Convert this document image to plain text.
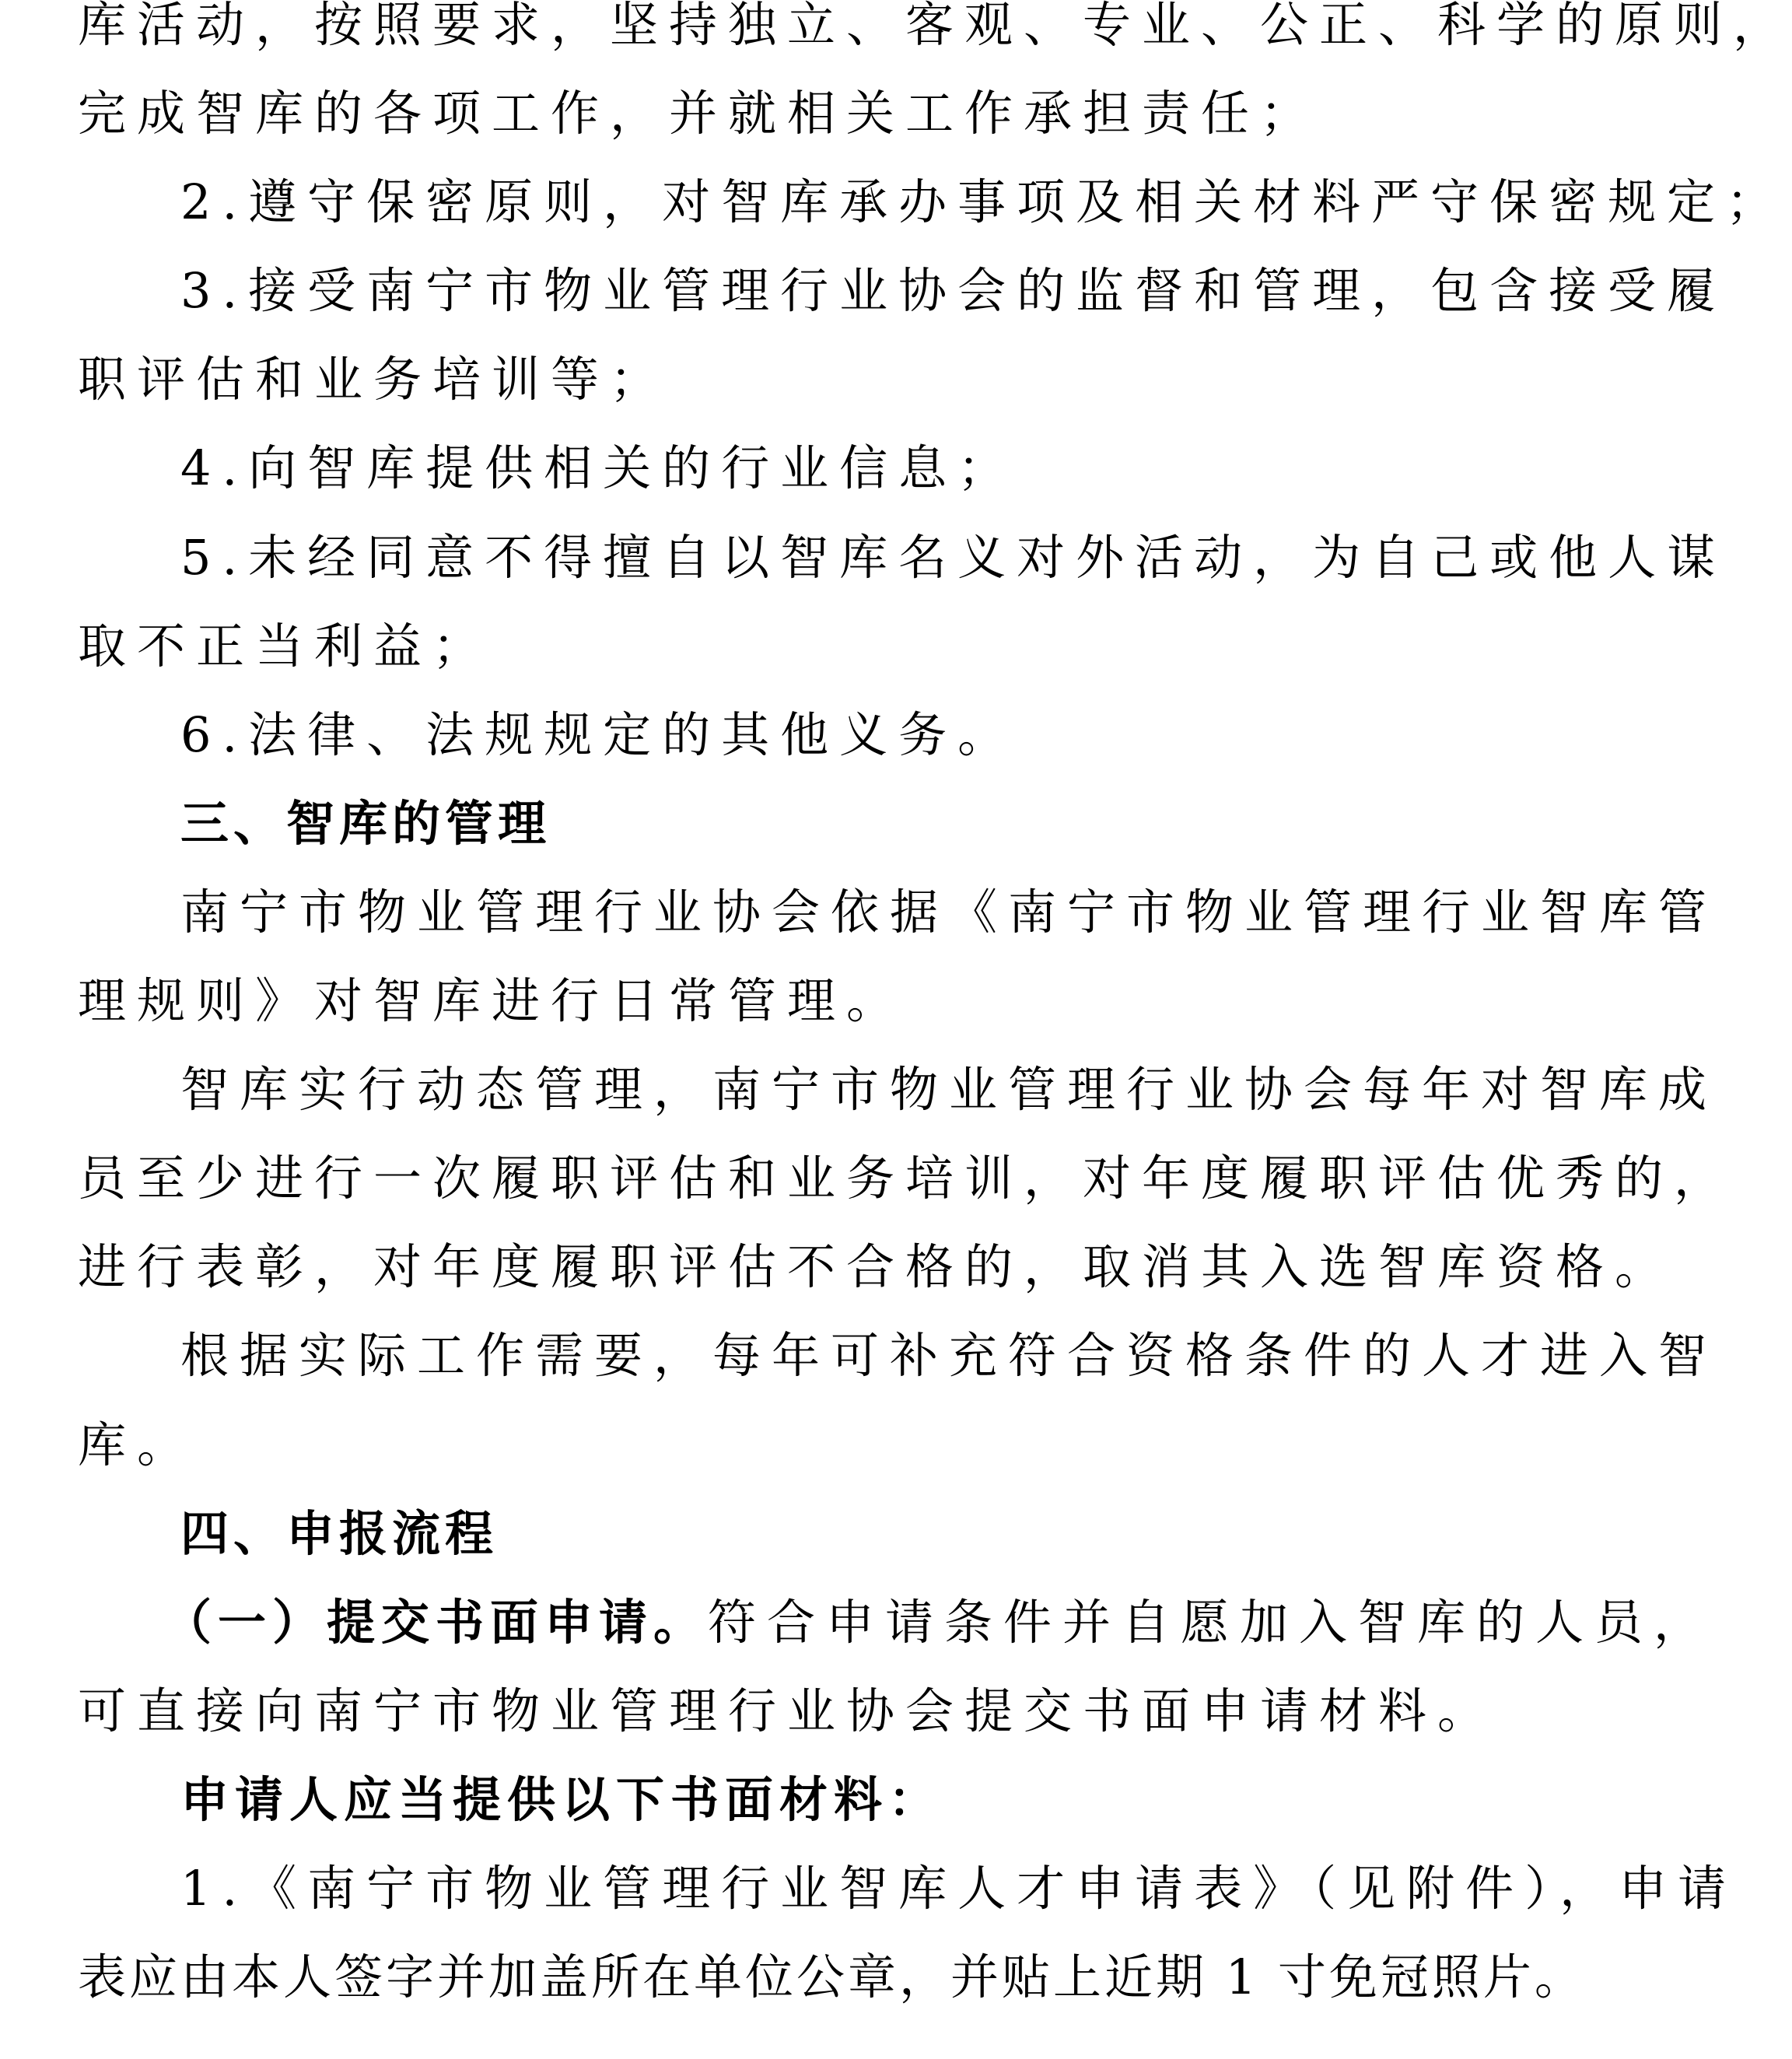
库活动，按照要求，坚持独立、客观、专业、公正、科学的原则，
完成智库的各项工作，并就相关工作承担责任；
2.遵守保密原则，对智库承办事项及相关材料严守保密规定；
3.接受南宁市物业管理行业协会的监督和管理，包含接受履
职评估和业务培训等；
4.向智库提供相关的行业信息；
5.未经同意不得擅自以智库名义对外活动，为自己或他人谋
取不正当利益；
6.法律、法规规定的其他义务。
三、智库的管理
南宁市物业管理行业协会依据《南宁市物业管理行业智库管
理规则》对智库进行日常管理。
智库实行动态管理，南宁市物业管理行业协会每年对智库成
员至少进行一次履职评估和业务培训，对年度履职评估优秀的，
进行表彰，对年度履职评估不合格的，取消其入选智库资格。
根据实际工作需要，每年可补充符合资格条件的人才进入智
库。
四、申报流程
（一）提交书面申请。符合申请条件并自愿加入智库的人员，
可直接向南宁市物业管理行业协会提交书面申请材料。
申请人应当提供以下书面材料：
1.《南宁市物业管理行业智库人才申请表》（见附件），申请
表应由本人签字并加盖所在单位公章，并贴上近期 1 寸免冠照片。
